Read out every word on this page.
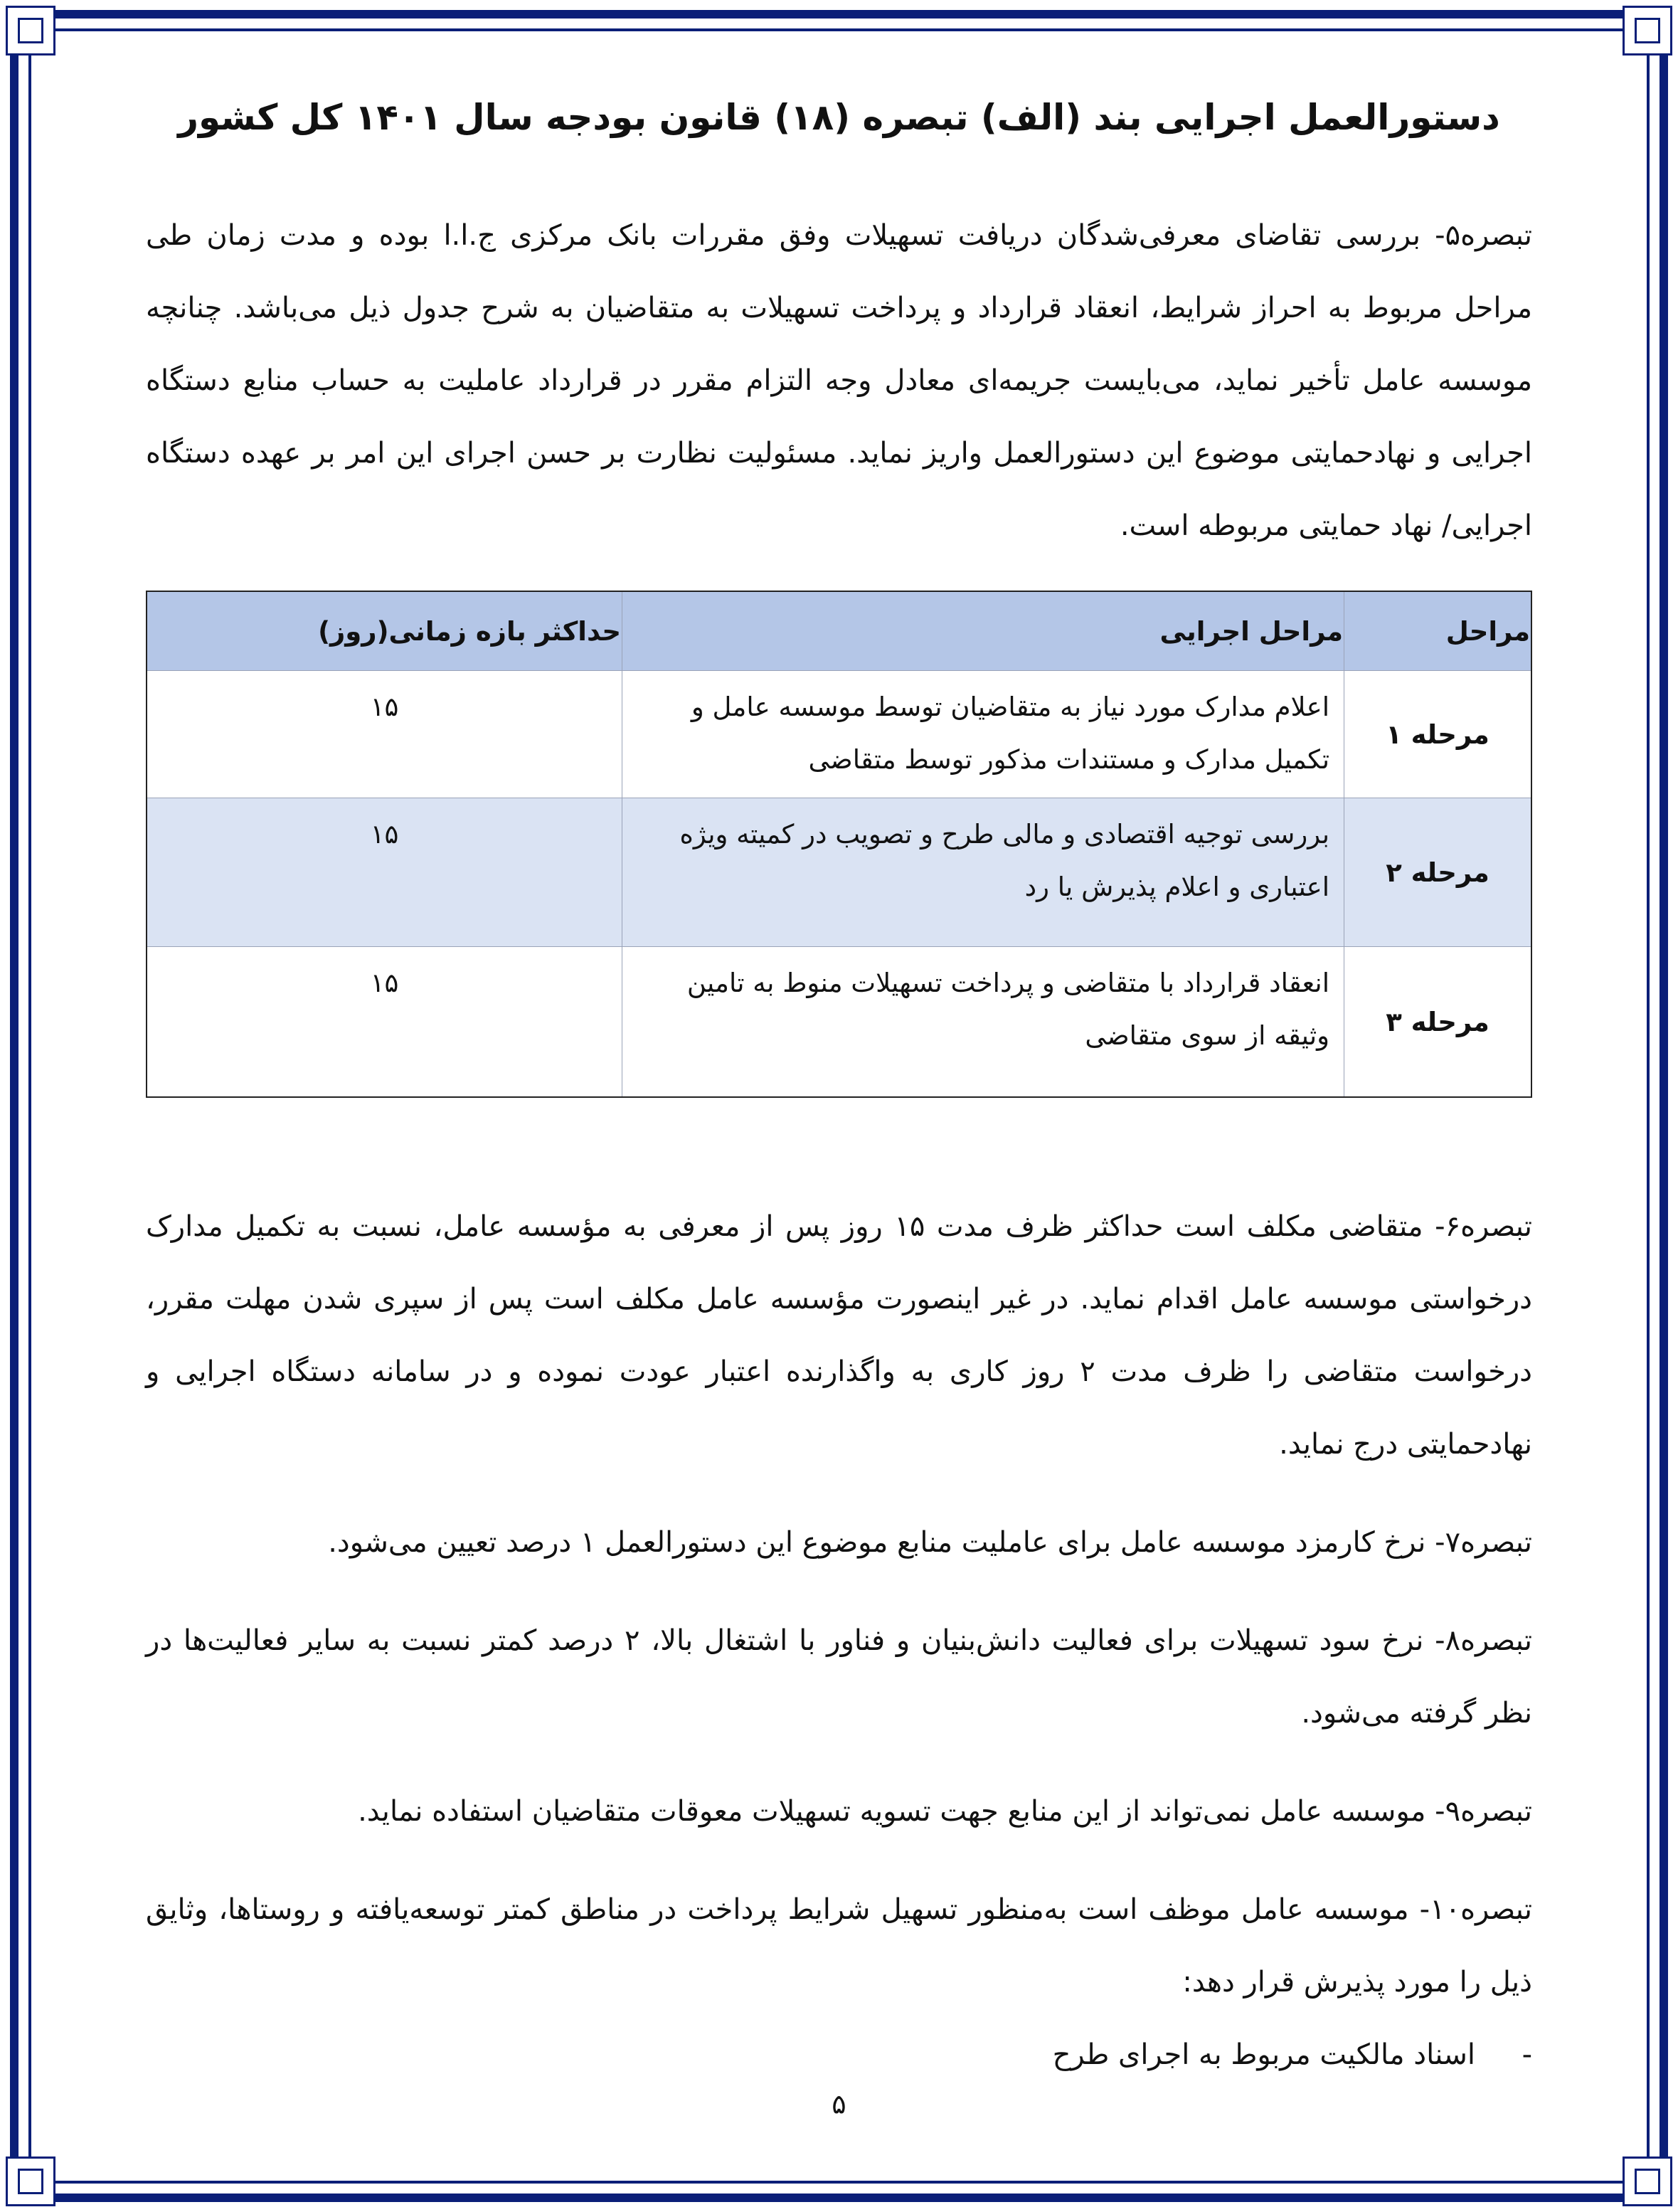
دستورالعمل اجرایی بند (الف) تبصره (۱۸) قانون بودجه سال ۱۴۰۱ کل کشور

تبصره۵- بررسی تقاضای معرفی‌شدگان دریافت تسهیلات وفق مقررات بانک مرکزی ج.ا.ا بوده و مدت زمان طی مراحل مربوط به احراز شرایط، انعقاد قرارداد و پرداخت تسهیلات به متقاضیان به شرح جدول ذیل می‌باشد. چنانچه موسسه عامل تأخیر نماید، می‌بایست جریمه‌ای معادل وجه التزام مقرر در قرارداد عاملیت به حساب منابع دستگاه اجرایی و نهادحمایتی موضوع این دستورالعمل واریز نماید. مسئولیت نظارت بر حسن اجرای این امر بر عهده دستگاه اجرایی/ نهاد حمایتی مربوطه است.

مراحل	مراحل اجرایی	حداکثر بازه زمانی(روز)
مرحله ۱	اعلام مدارک مورد نیاز به متقاضیان توسط موسسه عامل و تکمیل مدارک و مستندات مذکور توسط متقاضی	۱۵
مرحله ۲	بررسی توجیه اقتصادی و مالی طرح و تصویب در کمیته ویژه اعتباری و اعلام پذیرش یا رد	۱۵
مرحله ۳	انعقاد قرارداد با متقاضی و پرداخت تسهیلات منوط به تامین وثیقه از سوی متقاضی	۱۵

تبصره۶- متقاضی مکلف است حداکثر ظرف مدت ۱۵ روز پس از معرفی به مؤسسه عامل، نسبت به تکمیل مدارک درخواستی موسسه عامل اقدام نماید. در غیر اینصورت مؤسسه عامل مکلف است پس از سپری شدن مهلت مقرر، درخواست متقاضی را ظرف مدت ۲ روز کاری به واگذارنده اعتبار عودت نموده و در سامانه دستگاه اجرایی و نهادحمایتی درج نماید.

تبصره۷- نرخ کارمزد موسسه عامل برای عاملیت منابع موضوع این دستورالعمل ۱ درصد تعیین می‌شود.

تبصره۸- نرخ سود تسهیلات برای فعالیت دانش‌بنیان و فناور با اشتغال بالا، ۲ درصد کمتر نسبت به سایر فعالیت‌ها در نظر گرفته می‌شود.

تبصره۹- موسسه عامل نمی‌تواند از این منابع جهت تسویه تسهیلات معوقات متقاضیان استفاده نماید.

تبصره۱۰- موسسه عامل موظف است به‌منظور تسهیل شرایط پرداخت در مناطق کمتر توسعه‌یافته و روستاها، وثایق ذیل را مورد پذیرش قرار دهد:

- اسناد مالکیت مربوط به اجرای طرح
۵
